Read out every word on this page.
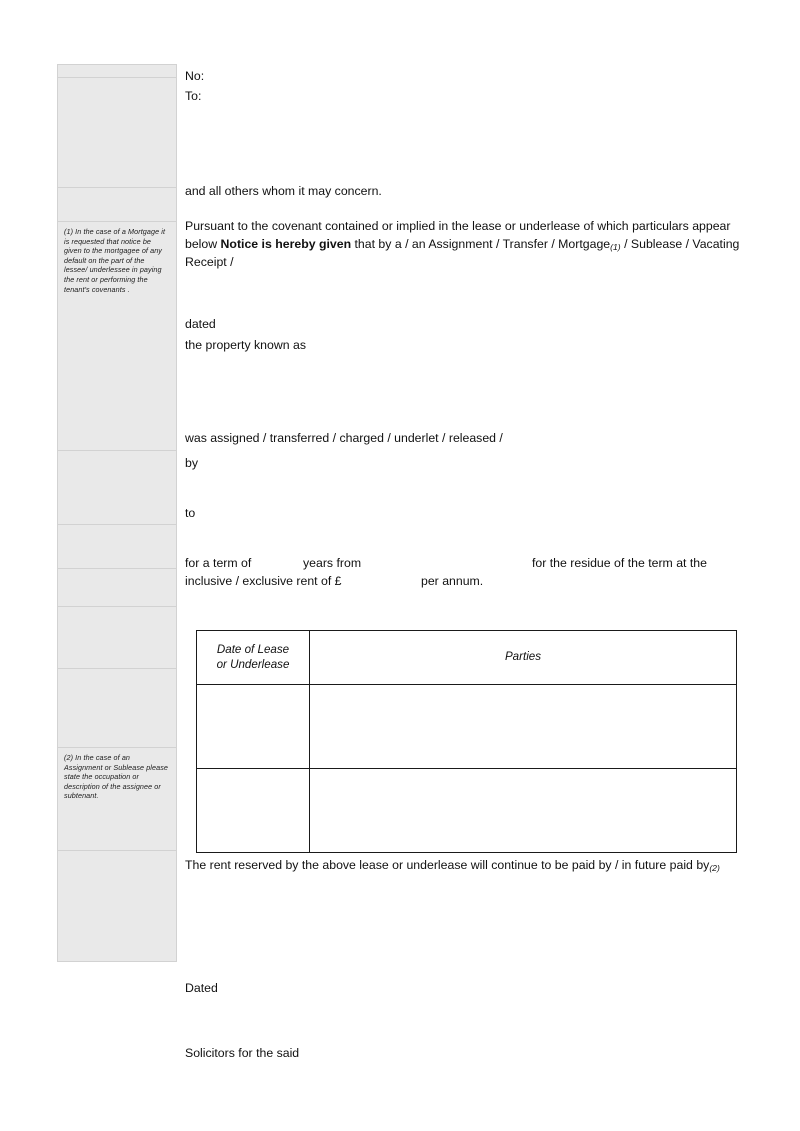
(1) In the case of a Mortgage it is requested that notice be given to the mortgagee of any default on the part of the lessee/ underlessee in paying the rent or performing the tenant's covenants .

(2) In the case of an Assignment or Sublease please state the occupation or description of the assignee or subtenant.

No:
To:
and all others whom it may concern.
Pursuant to the covenant contained or implied in the lease or underlease of which particulars appear below Notice is hereby given that by a / an Assignment / Transfer / Mortgage$_{(1)}$ / Sublease / Vacating Receipt /
dated
the property known as
was assigned / transferred / charged / underlet / released /
by
to
for a term of	years from	for the residue of the term at the
inclusive / exclusive rent of £	per annum.
Date of Lease
or Underlease	Parties

The rent reserved by the above lease or underlease will continue to be paid by / in future paid $by_{(2)}$
Dated
Solicitors for the said
